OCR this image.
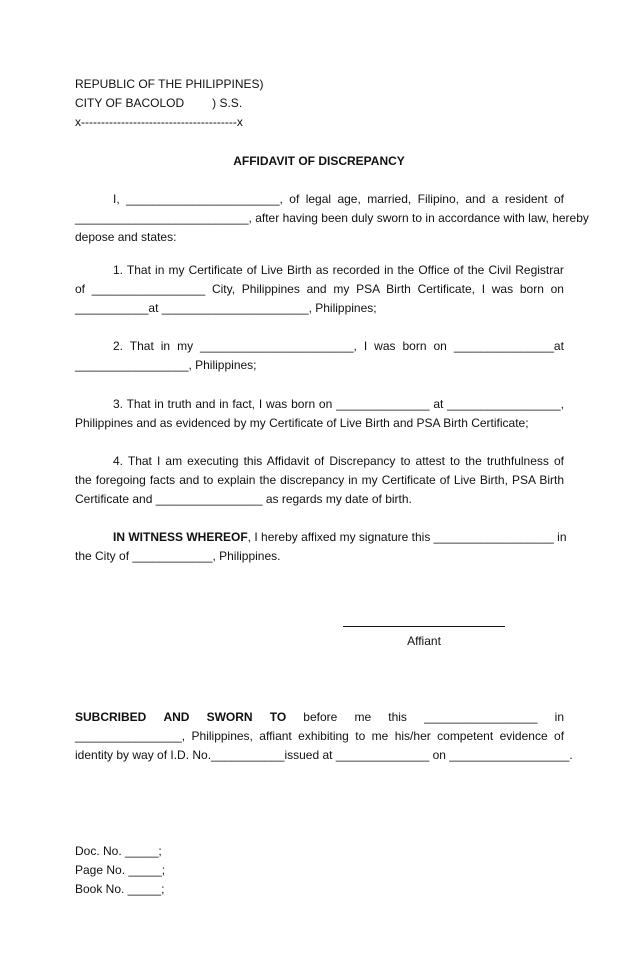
REPUBLIC OF THE PHILIPPINES)
CITY OF BACOLOD ) S.S.
x---------------------------------------x
AFFIDAVIT OF DISCREPANCY
I, _______________________, of legal age, married, Filipino, and a resident of
__________________________, after having been duly sworn to in accordance with law, hereby
depose and states:
1. That in my Certificate of Live Birth as recorded in the Office of the Civil Registrar
of _________________ City, Philippines and my PSA Birth Certificate, I was born on
___________at ______________________, Philippines;
2. That in my _______________________, I was born on _______________at
_________________, Philippines;
3. That in truth and in fact, I was born on ______________ at _________________,
Philippines and as evidenced by my Certificate of Live Birth and PSA Birth Certificate;
4. That I am executing this Affidavit of Discrepancy to attest to the truthfulness of
the foregoing facts and to explain the discrepancy in my Certificate of Live Birth, PSA Birth
Certificate and ________________ as regards my date of birth.
IN WITNESS WHEREOF, I hereby affixed my signature this __________________ in
the City of ____________, Philippines.
Affiant
SUBCRIBED AND SWORN TO before me this _________________ in
________________, Philippines, affiant exhibiting to me his/her competent evidence of
identity by way of I.D. No.___________issued at ______________ on __________________.
Doc. No. _____;
Page No. _____;
Book No. _____;
